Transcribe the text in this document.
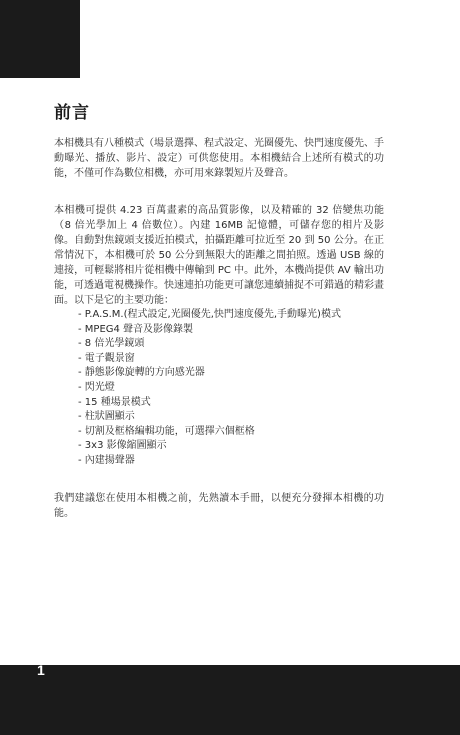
前言

本相機具有八種模式（場景選擇、程式設定、光圈優先、快門速度優先、手動曝光、播放、影片、設定）可供您使用。本相機結合上述所有模式的功能，不僅可作為數位相機，亦可用來錄製短片及聲音。

本相機可提供 4.23 百萬畫素的高品質影像，以及精確的 32 倍變焦功能（8 倍光學加上 4 倍數位）。內建 16MB 記憶體，可儲存您的相片及影像。自動對焦鏡頭支援近拍模式，拍攝距離可拉近至 20 到 50 公分。在正常情況下，本相機可於 50 公分到無限大的距離之間拍照。透過 USB 線的連接，可輕鬆將相片從相機中傳輸到 PC 中。此外，本機尚提供 AV 輸出功能，可透過電視機操作。快速連拍功能更可讓您連續捕捉不可錯過的精彩畫面。以下是它的主要功能：

- P.A.S.M.(程式設定,光圈優先,快門速度優先,手動曝光)模式
- MPEG4 聲音及影像錄製
- 8 倍光學鏡頭
- 電子觀景窗
- 靜態影像旋轉的方向感光器
- 閃光燈
- 15 種場景模式
- 柱狀圖顯示
- 切割及框格編輯功能，可選擇六個框格
- 3x3 影像縮圖顯示
- 內建揚聲器

我們建議您在使用本相機之前，先熟讀本手冊，以便充分發揮本相機的功能。

1
